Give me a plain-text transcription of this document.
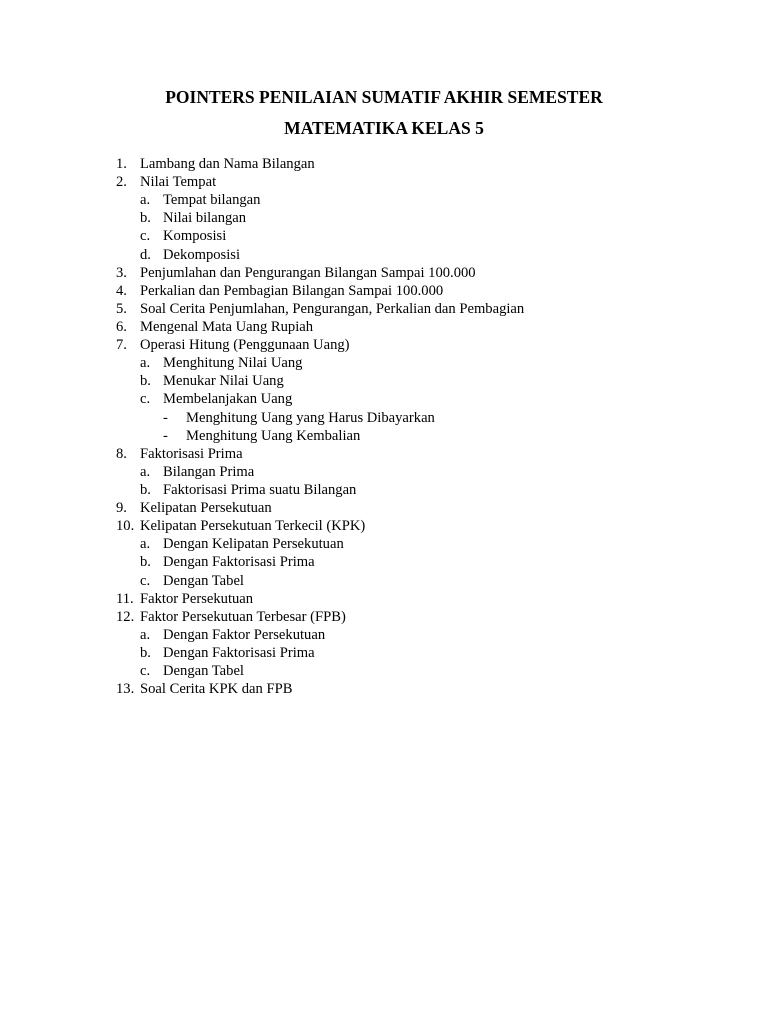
POINTERS PENILAIAN SUMATIF AKHIR SEMESTER
MATEMATIKA KELAS 5
1. Lambang dan Nama Bilangan
2. Nilai Tempat
a. Tempat bilangan
b. Nilai bilangan
c. Komposisi
d. Dekomposisi
3. Penjumlahan dan Pengurangan Bilangan Sampai 100.000
4. Perkalian dan Pembagian Bilangan Sampai 100.000
5. Soal Cerita Penjumlahan, Pengurangan, Perkalian dan Pembagian
6. Mengenal Mata Uang Rupiah
7. Operasi Hitung (Penggunaan Uang)
a. Menghitung Nilai Uang
b. Menukar Nilai Uang
c. Membelanjakan Uang
- Menghitung Uang yang Harus Dibayarkan
- Menghitung Uang Kembalian
8. Faktorisasi Prima
a. Bilangan Prima
b. Faktorisasi Prima suatu Bilangan
9. Kelipatan Persekutuan
10. Kelipatan Persekutuan Terkecil (KPK)
a. Dengan Kelipatan Persekutuan
b. Dengan Faktorisasi Prima
c. Dengan Tabel
11. Faktor Persekutuan
12. Faktor Persekutuan Terbesar (FPB)
a. Dengan Faktor Persekutuan
b. Dengan Faktorisasi Prima
c. Dengan Tabel
13. Soal Cerita KPK dan FPB
